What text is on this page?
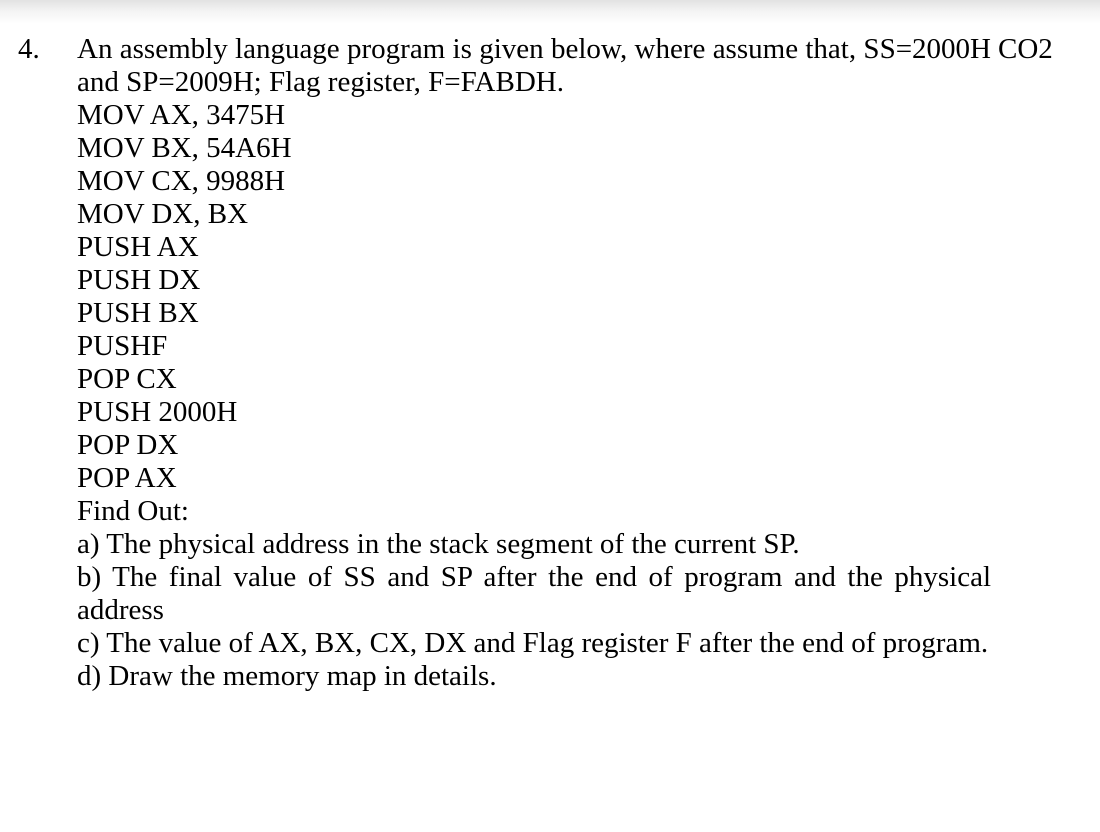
4.	CO2

An assembly language program is given below, where assume that, SS=2000H and SP=2009H; Flag register, F=FABDH.

MOV AX, 3475H
MOV BX, 54A6H
MOV CX, 9988H
MOV DX, BX
PUSH AX
PUSH DX
PUSH BX
PUSHF
POP CX
PUSH 2000H
POP DX
POP AX

Find Out:

a) The physical address in the stack segment of the current SP.
b) The final value of SS and SP after the end of program and the physical address
c) The value of AX, BX, CX, DX and Flag register F after the end of program.
d) Draw the memory map in details.
